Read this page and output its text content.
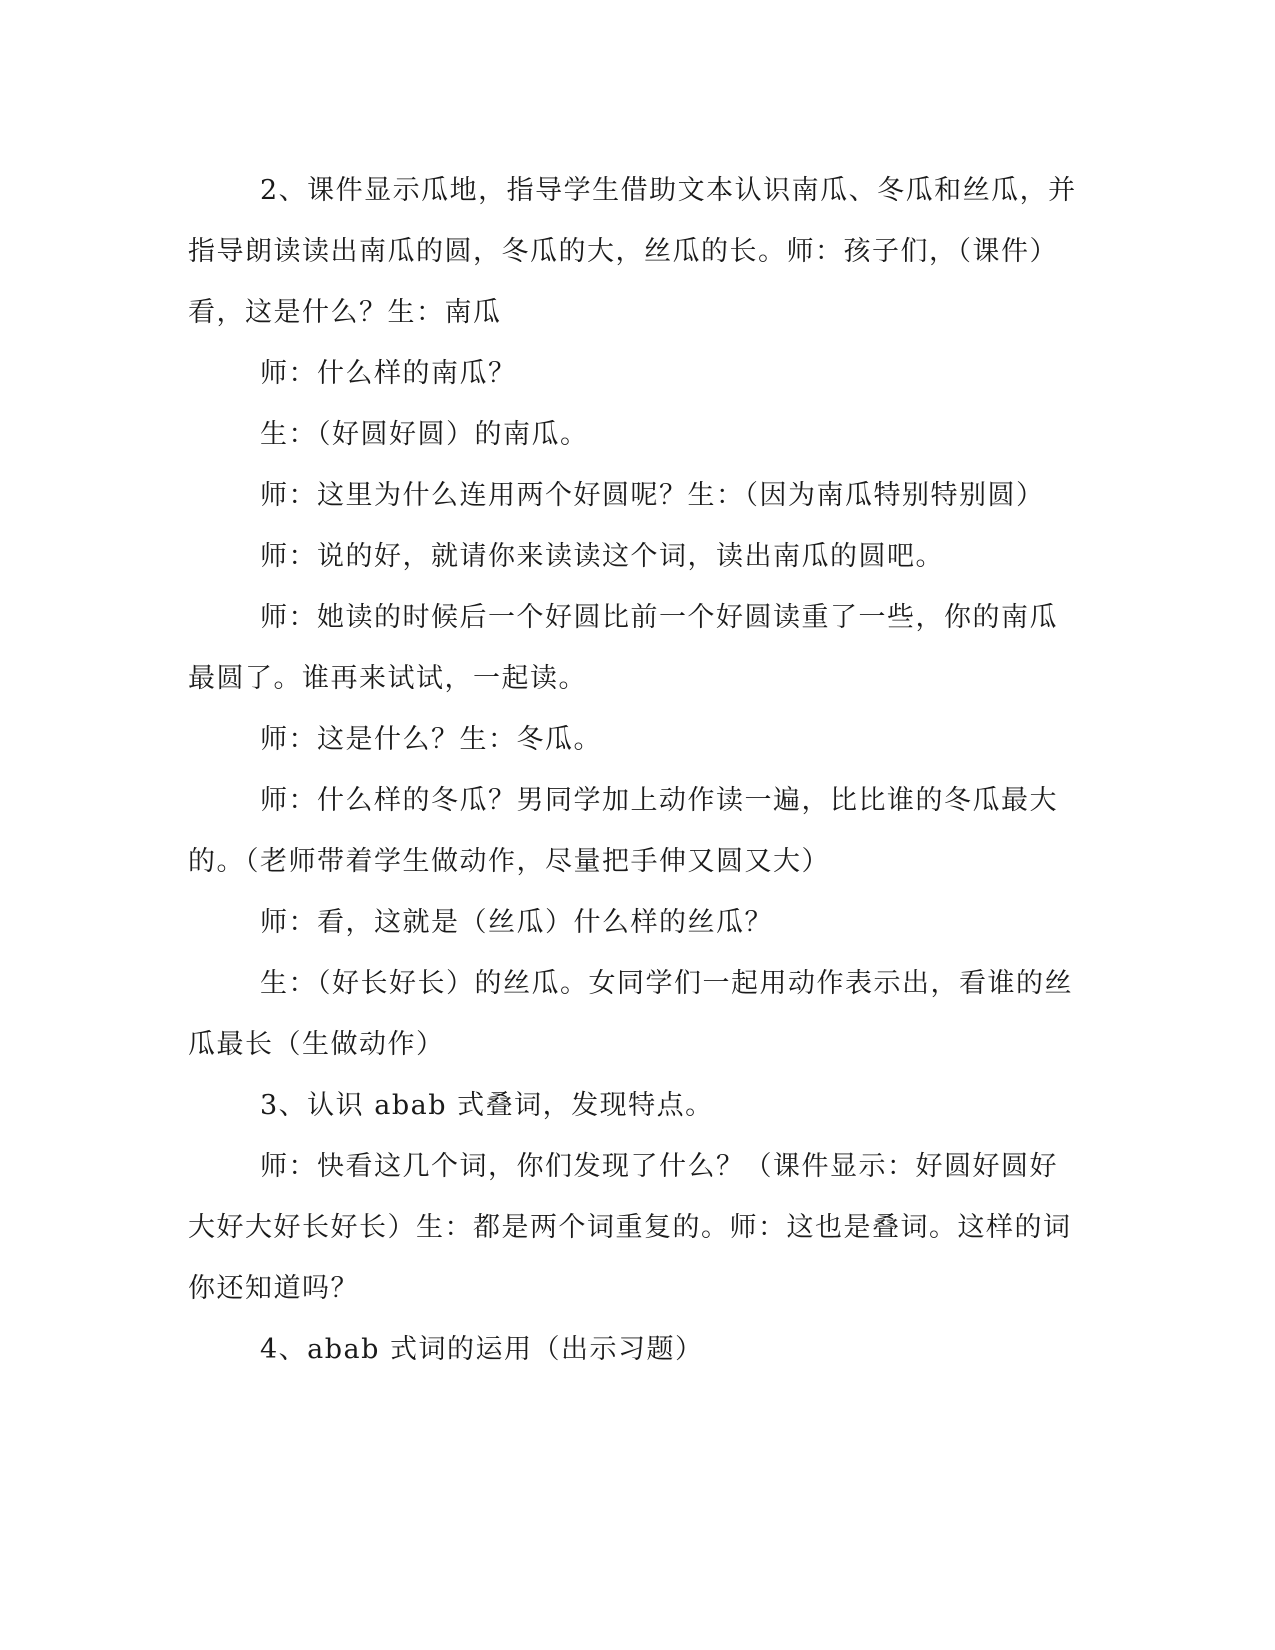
2、课件显示瓜地，指导学生借助文本认识南瓜、冬瓜和丝瓜，并指导朗读读出南瓜的圆，冬瓜的大，丝瓜的长。师：孩子们，（课件）看，这是什么？生：南瓜

师：什么样的南瓜？

生：（好圆好圆）的南瓜。

师：这里为什么连用两个好圆呢？生：（因为南瓜特别特别圆）

师：说的好，就请你来读读这个词，读出南瓜的圆吧。

师：她读的时候后一个好圆比前一个好圆读重了一些，你的南瓜最圆了。谁再来试试，一起读。

师：这是什么？生：冬瓜。

师：什么样的冬瓜？男同学加上动作读一遍，比比谁的冬瓜最大的。（老师带着学生做动作，尽量把手伸又圆又大）

师：看，这就是（丝瓜）什么样的丝瓜？

生：（好长好长）的丝瓜。女同学们一起用动作表示出，看谁的丝瓜最长（生做动作）

3、认识 abab 式叠词，发现特点。

师：快看这几个词，你们发现了什么？（课件显示：好圆好圆好大好大好长好长）生：都是两个词重复的。师：这也是叠词。这样的词你还知道吗？

4、abab 式词的运用（出示习题）
